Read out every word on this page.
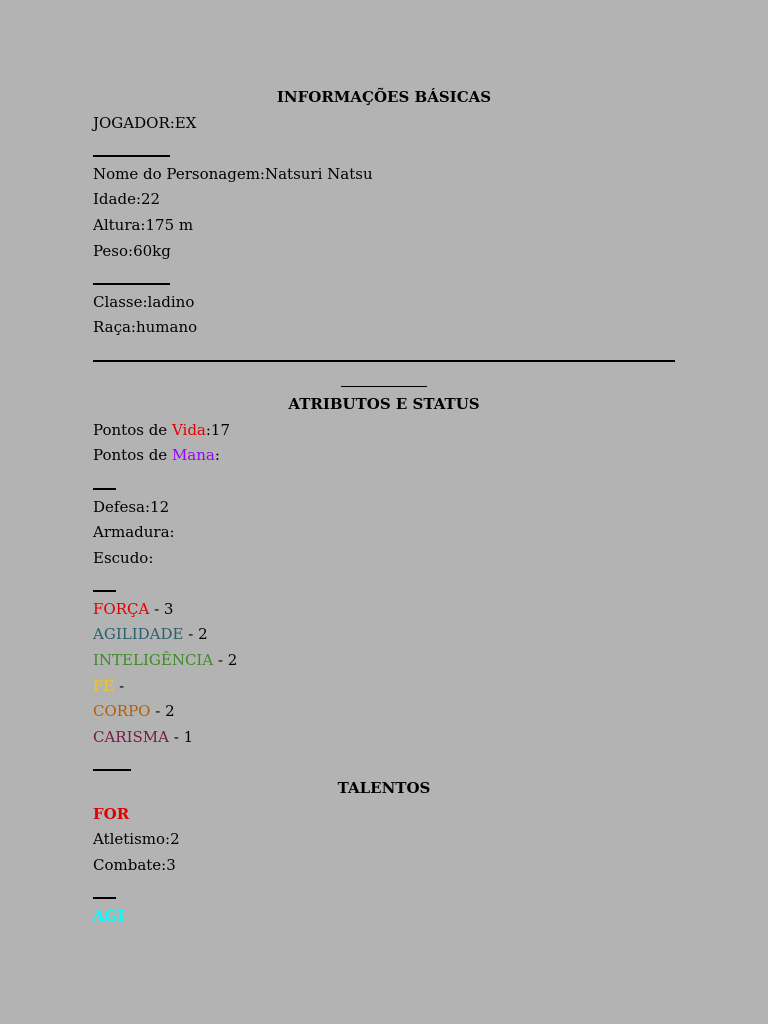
INFORMAÇÕES BÁSICAS
JOGADOR:EX
Nome do Personagem:Natsuri Natsu
Idade:22
Altura:175 m
Peso:60kg
Classe:ladino
Raça:humano
ATRIBUTOS E STATUS
Pontos de Vida:17
Pontos de Mana:
Defesa:12
Armadura:
Escudo:
FORÇA - 3
AGILIDADE - 2
INTELIGÊNCIA - 2
FÉ -
CORPO - 2
CARISMA - 1
TALENTOS
FOR
Atletismo:2
Combate:3
AGI
